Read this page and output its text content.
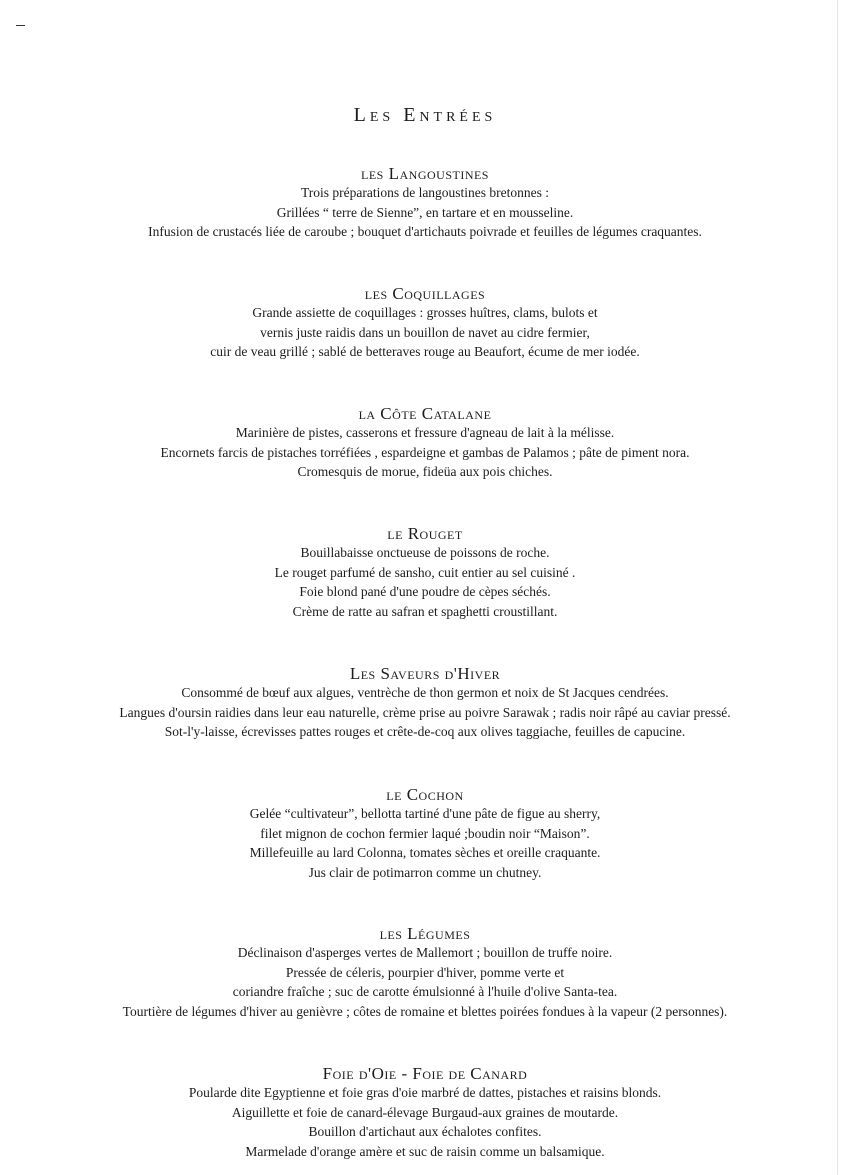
Les Entrées
les Langoustines
Trois préparations de langoustines bretonnes :
Grillées “ terre de Sienne”, en tartare et en mousseline.
Infusion de crustacés liée de caroube ; bouquet d'artichauts poivrade et feuilles de légumes craquantes.
les Coquillages
Grande assiette de coquillages : grosses huîtres, clams, bulots et
vernis juste raidis dans un bouillon de navet au cidre fermier,
cuir de veau grillé ; sablé de betteraves rouge au Beaufort, écume de mer iodée.
la Côte Catalane
Marinière de pistes, casserons et fressure d'agneau de lait à la mélisse.
Encornets farcis de pistaches torréfiées , espardeigne et gambas de Palamos ; pâte de piment nora.
Cromesquis de morue, fideüa aux pois chiches.
le Rouget
Bouillabaisse onctueuse de poissons de roche.
Le rouget parfumé de sansho, cuit entier au sel cuisiné .
Foie blond pané d'une poudre de cèpes séchés.
Crème de ratte au safran et spaghetti croustillant.
Les Saveurs d'Hiver
Consommé de bœuf aux algues, ventrèche de thon germon et noix de St Jacques cendrées.
Langues d'oursin raidies dans leur eau naturelle, crème prise au poivre Sarawak ; radis noir râpé au caviar pressé.
Sot-l'y-laisse, écrevisses pattes rouges et crête-de-coq aux olives taggiache, feuilles de capucine.
le Cochon
Gelée “cultivateur”, bellotta tartiné d'une pâte de figue au sherry,
filet mignon de cochon fermier laqué ;boudin noir “Maison”.
Millefeuille au lard Colonna, tomates sèches et oreille craquante.
Jus clair de potimarron comme un chutney.
les Légumes
Déclinaison d'asperges vertes de Mallemort ; bouillon de truffe noire.
Pressée de céleris, pourpier d'hiver, pomme verte et
coriandre fraîche ; suc de carotte émulsionné à l'huile d'olive Santa-tea.
Tourtière de légumes d'hiver au genièvre ; côtes de romaine et blettes poirées fondues à la vapeur (2 personnes).
Foie d'Oie - Foie de Canard
Poularde dite Egyptienne et foie gras d'oie marbré de dattes, pistaches et raisins blonds.
Aiguillette et foie de canard-élevage Burgaud-aux graines de moutarde.
Bouillon d'artichaut aux échalotes confites.
Marmelade d'orange amère et suc de raisin comme un balsamique.
